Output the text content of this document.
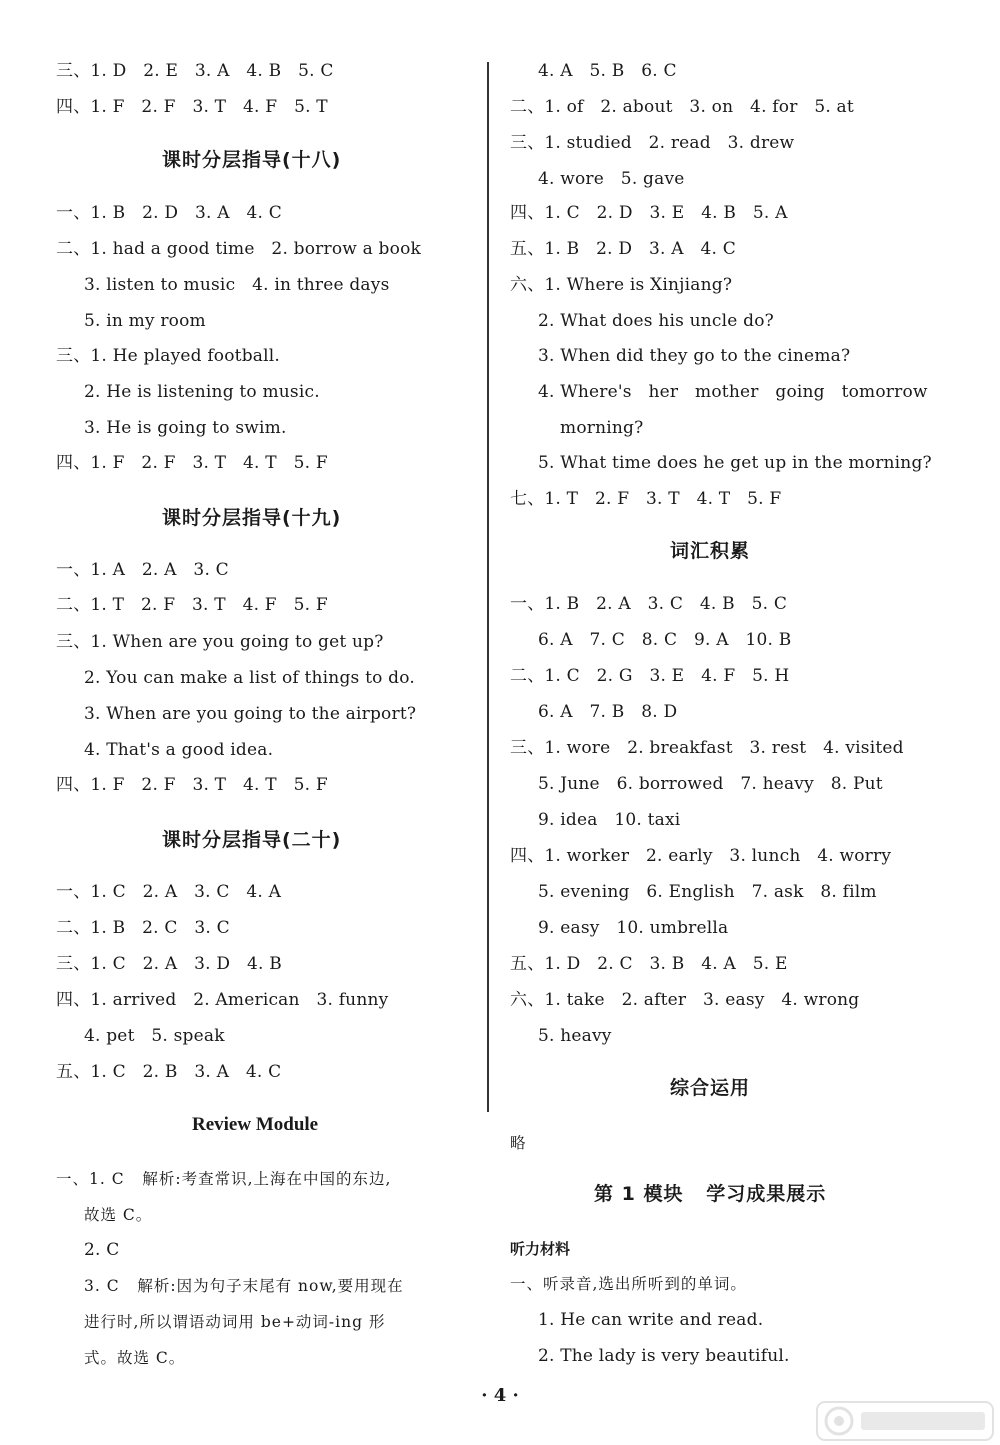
三、1. D   2. E   3. A   4. B   5. C
四、1. F   2. F   3. T   4. F   5. T
课时分层指导(十八)
一、1. B   2. D   3. A   4. C
二、1. had a good time   2. borrow a book
3. listen to music   4. in three days
5. in my room
三、1. He played football.
2. He is listening to music.
3. He is going to swim.
四、1. F   2. F   3. T   4. T   5. F
课时分层指导(十九)
一、1. A   2. A   3. C
二、1. T   2. F   3. T   4. F   5. F
三、1. When are you going to get up?
2. You can make a list of things to do.
3. When are you going to the airport?
4. That's a good idea.
四、1. F   2. F   3. T   4. T   5. F
课时分层指导(二十)
一、1. C   2. A   3. C   4. A
二、1. B   2. C   3. C
三、1. C   2. A   3. D   4. B
四、1. arrived   2. American   3. funny
4. pet   5. speak
五、1. C   2. B   3. A   4. C
Review Module
一、1. C   解析:考查常识,上海在中国的东边,
故选 C。
2. C
3. C   解析:因为句子末尾有 now,要用现在
进行时,所以谓语动词用 be+动词-ing 形
式。故选 C。
4. A   5. B   6. C
二、1. of   2. about   3. on   4. for   5. at
三、1. studied   2. read   3. drew
4. wore   5. gave
四、1. C   2. D   3. E   4. B   5. A
五、1. B   2. D   3. A   4. C
六、1. Where is Xinjiang?
2. What does his uncle do?
3. When did they go to the cinema?
4. Where's   her   mother   going   tomorrow
morning?
5. What time does he get up in the morning?
七、1. T   2. F   3. T   4. T   5. F
词汇积累
一、1. B   2. A   3. C   4. B   5. C
6. A   7. C   8. C   9. A   10. B
二、1. C   2. G   3. E   4. F   5. H
6. A   7. B   8. D
三、1. wore   2. breakfast   3. rest   4. visited
5. June   6. borrowed   7. heavy   8. Put
9. idea   10. taxi
四、1. worker   2. early   3. lunch   4. worry
5. evening   6. English   7. ask   8. film
9. easy   10. umbrella
五、1. D   2. C   3. B   4. A   5. E
六、1. take   2. after   3. easy   4. wrong
5. heavy
综合运用
略
第 1 模块   学习成果展示
听力材料
一、听录音,选出所听到的单词。
1. He can write and read.
2. The lady is very beautiful.
· 4 ·
